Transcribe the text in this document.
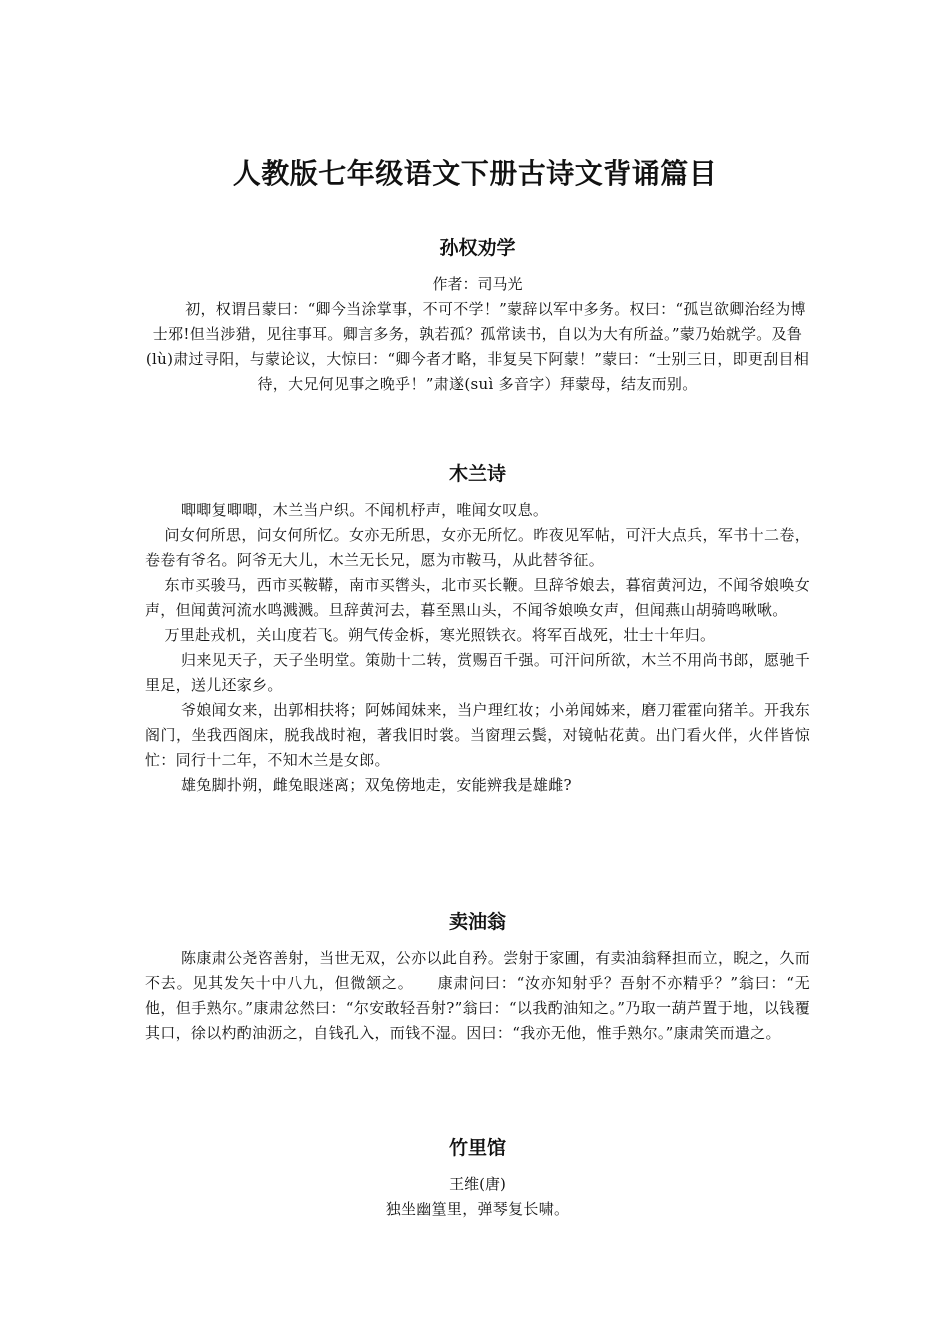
人教版七年级语文下册古诗文背诵篇目
孙权劝学

作者：司马光

初，权谓吕蒙曰：“卿今当涂掌事，不可不学！”蒙辞以军中多务。权曰：“孤岂欲卿治经为博士邪!但当涉猎，见往事耳。卿言多务，孰若孤？孤常读书，自以为大有所益。”蒙乃始就学。及鲁(lù)肃过寻阳，与蒙论议，大惊曰：“卿今者才略，非复吴下阿蒙！”蒙曰：“士别三日，即更刮目相待，大兄何见事之晚乎！”肃遂(suì 多音字）拜蒙母，结友而别。

木兰诗

唧唧复唧唧，木兰当户织。不闻机杼声，唯闻女叹息。

问女何所思，问女何所忆。女亦无所思，女亦无所忆。昨夜见军帖，可汗大点兵，军书十二卷，卷卷有爷名。阿爷无大儿，木兰无长兄，愿为市鞍马，从此替爷征。

东市买骏马，西市买鞍鞯，南市买辔头，北市买长鞭。旦辞爷娘去，暮宿黄河边，不闻爷娘唤女声，但闻黄河流水鸣溅溅。旦辞黄河去，暮至黑山头，不闻爷娘唤女声，但闻燕山胡骑鸣啾啾。

万里赴戎机，关山度若飞。朔气传金柝，寒光照铁衣。将军百战死，壮士十年归。

归来见天子，天子坐明堂。策勋十二转，赏赐百千强。可汗问所欲，木兰不用尚书郎，愿驰千里足，送儿还家乡。

爷娘闻女来，出郭相扶将；阿姊闻妹来，当户理红妆；小弟闻姊来，磨刀霍霍向猪羊。开我东阁门，坐我西阁床，脱我战时袍，著我旧时裳。当窗理云鬓，对镜帖花黄。出门看火伴，火伴皆惊忙：同行十二年，不知木兰是女郎。

雄兔脚扑朔，雌兔眼迷离；双兔傍地走，安能辨我是雄雌?

卖油翁

陈康肃公尧咨善射，当世无双，公亦以此自矜。尝射于家圃，有卖油翁释担而立，睨之，久而不去。见其发矢十中八九，但微颔之。　　康肃问曰：“汝亦知射乎？吾射不亦精乎？”翁曰：“无他，但手熟尔。”康肃忿然曰：“尔安敢轻吾射?”翁曰：“以我酌油知之。”乃取一葫芦置于地，以钱覆其口，徐以杓酌油沥之，自钱孔入，而钱不湿。因曰：“我亦无他，惟手熟尔。”康肃笑而遣之。

竹里馆

王维(唐)

独坐幽篁里，弹琴复长啸。
